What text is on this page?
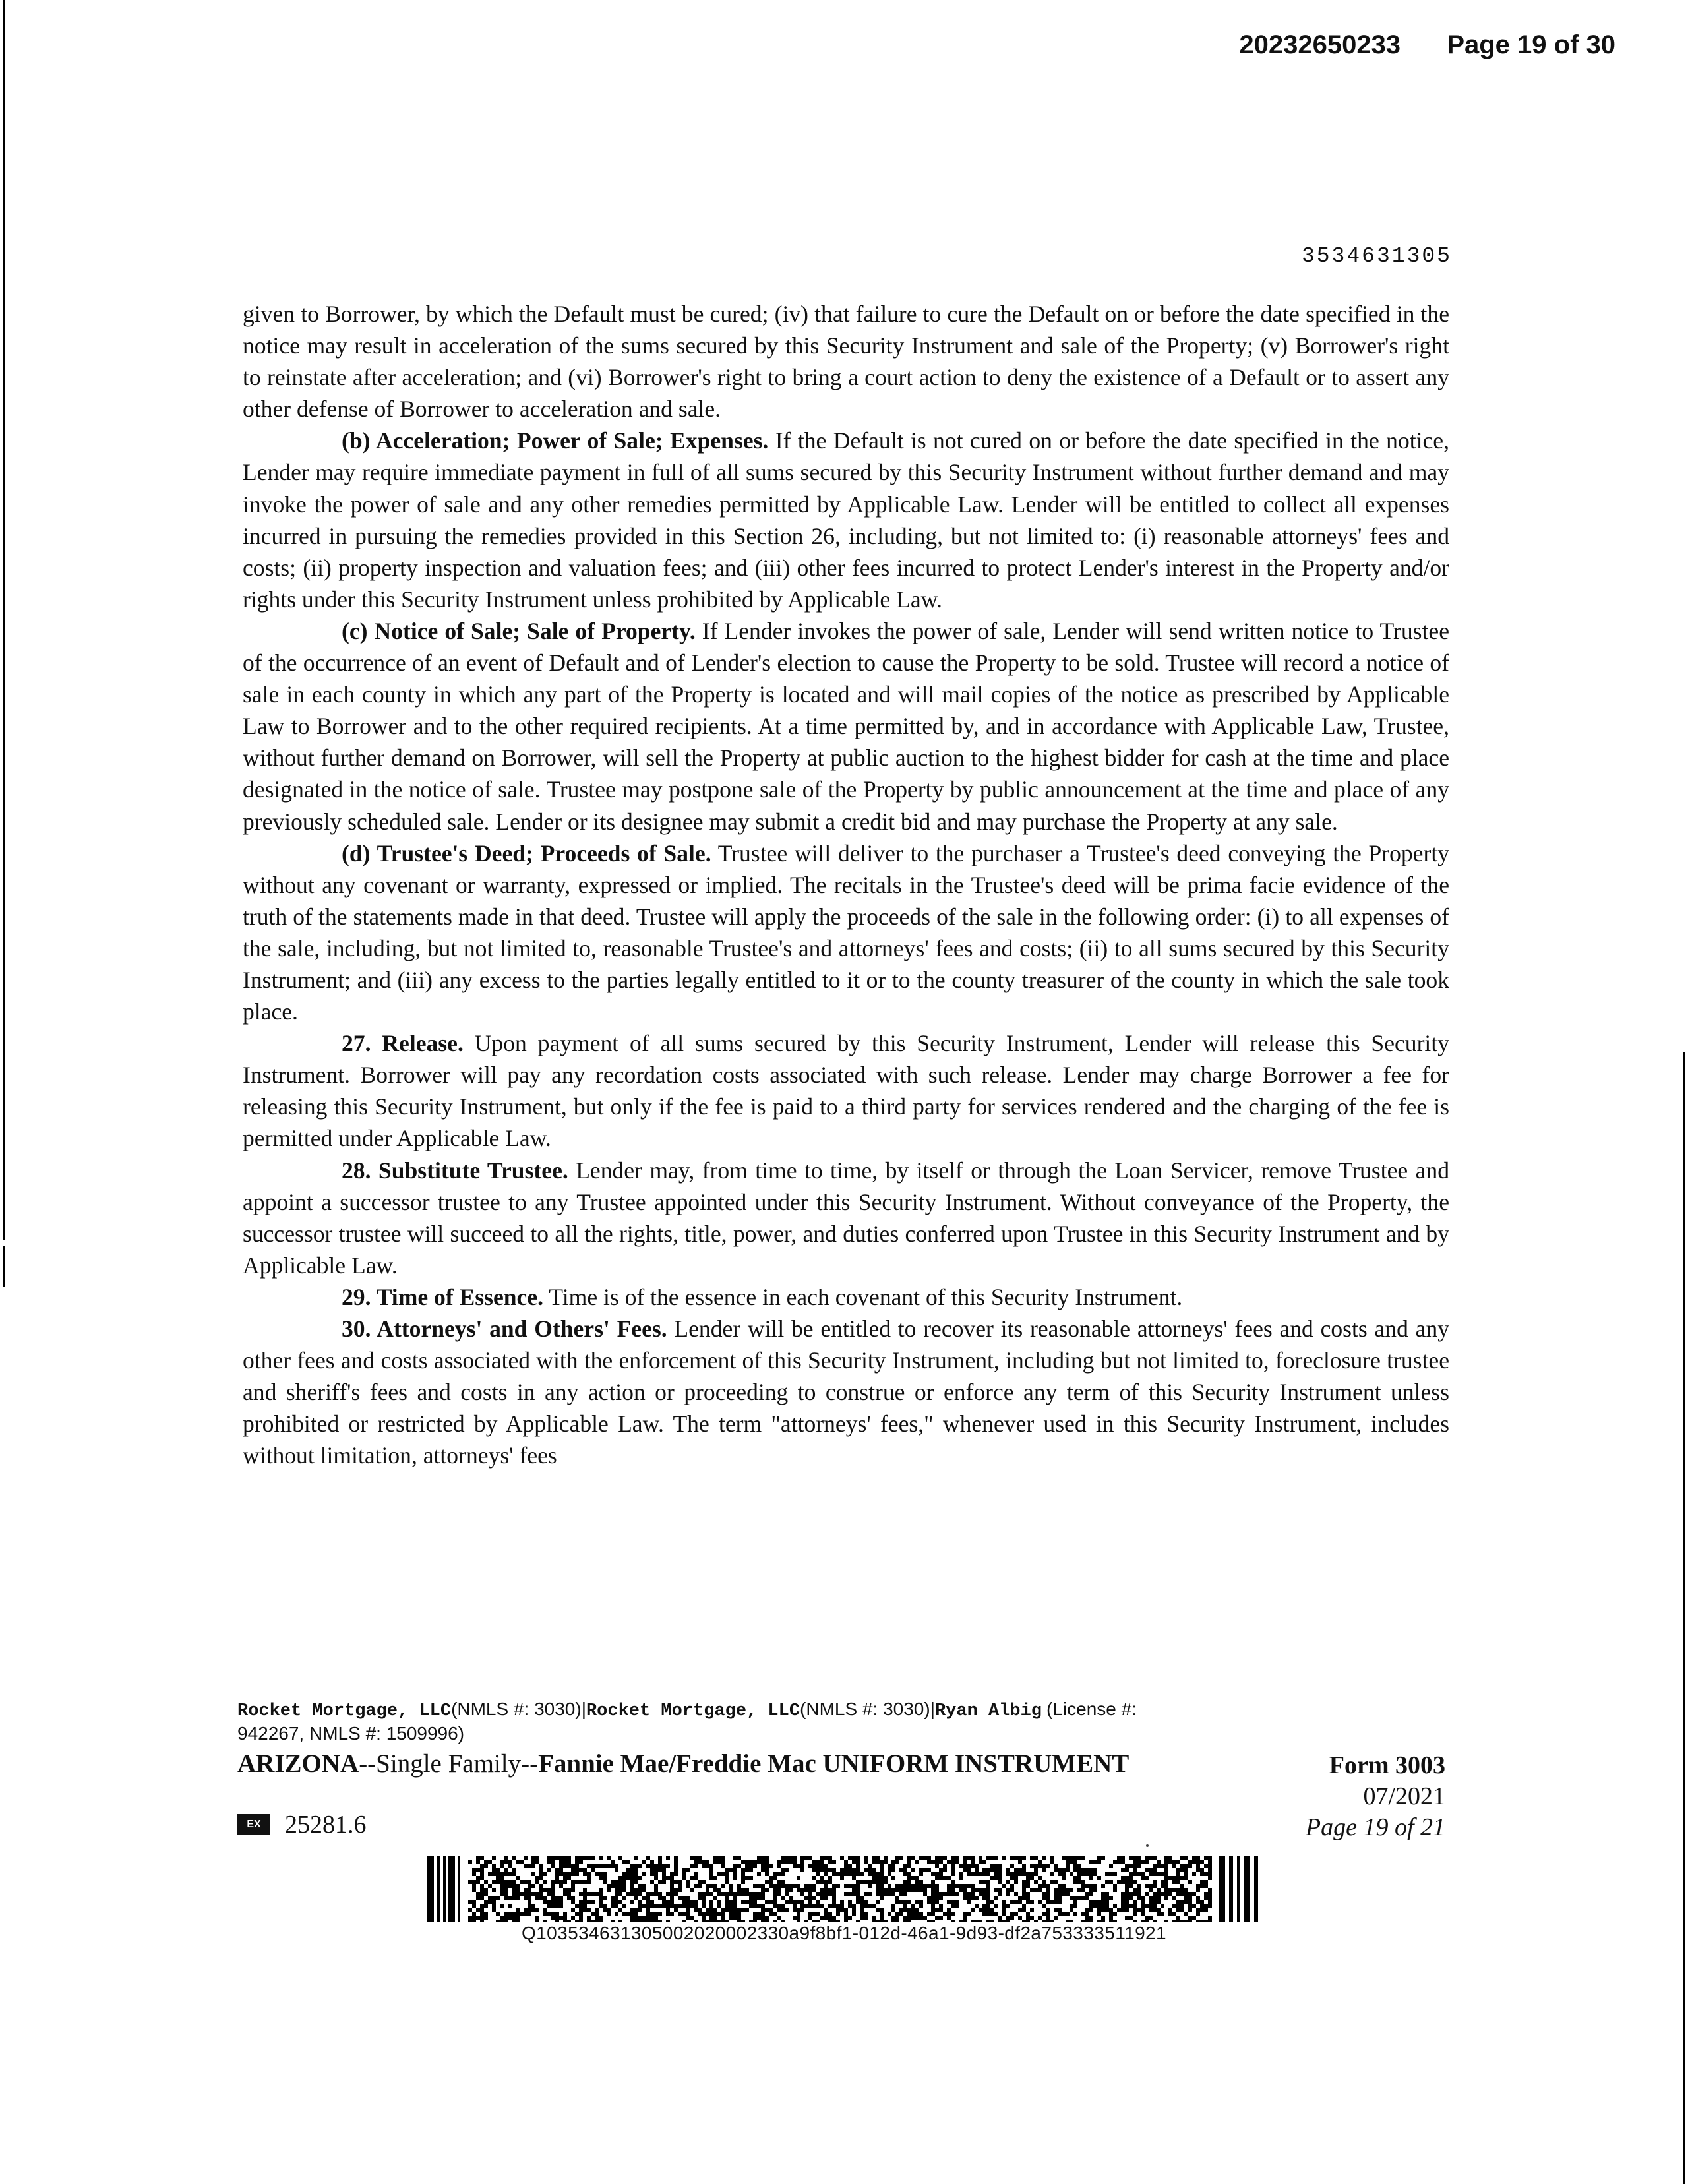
20232650233 Page 19 of 30
3534631305

given to Borrower, by which the Default must be cured; (iv) that failure to cure the Default on or before the date specified in the notice may result in acceleration of the sums secured by this Security Instrument and sale of the Property; (v) Borrower's right to reinstate after acceleration; and (vi) Borrower's right to bring a court action to deny the existence of a Default or to assert any other defense of Borrower to acceleration and sale.

(b) Acceleration; Power of Sale; Expenses. If the Default is not cured on or before the date specified in the notice, Lender may require immediate payment in full of all sums secured by this Security Instrument without further demand and may invoke the power of sale and any other remedies permitted by Applicable Law. Lender will be entitled to collect all expenses incurred in pursuing the remedies provided in this Section 26, including, but not limited to: (i) reasonable attorneys' fees and costs; (ii) property inspection and valuation fees; and (iii) other fees incurred to protect Lender's interest in the Property and/or rights under this Security Instrument unless prohibited by Applicable Law.

(c) Notice of Sale; Sale of Property. If Lender invokes the power of sale, Lender will send written notice to Trustee of the occurrence of an event of Default and of Lender's election to cause the Property to be sold. Trustee will record a notice of sale in each county in which any part of the Property is located and will mail copies of the notice as prescribed by Applicable Law to Borrower and to the other required recipients. At a time permitted by, and in accordance with Applicable Law, Trustee, without further demand on Borrower, will sell the Property at public auction to the highest bidder for cash at the time and place designated in the notice of sale. Trustee may postpone sale of the Property by public announcement at the time and place of any previously scheduled sale. Lender or its designee may submit a credit bid and may purchase the Property at any sale.

(d) Trustee's Deed; Proceeds of Sale. Trustee will deliver to the purchaser a Trustee's deed conveying the Property without any covenant or warranty, expressed or implied. The recitals in the Trustee's deed will be prima facie evidence of the truth of the statements made in that deed. Trustee will apply the proceeds of the sale in the following order: (i) to all expenses of the sale, including, but not limited to, reasonable Trustee's and attorneys' fees and costs; (ii) to all sums secured by this Security Instrument; and (iii) any excess to the parties legally entitled to it or to the county treasurer of the county in which the sale took place.

27. Release. Upon payment of all sums secured by this Security Instrument, Lender will release this Security Instrument. Borrower will pay any recordation costs associated with such release. Lender may charge Borrower a fee for releasing this Security Instrument, but only if the fee is paid to a third party for services rendered and the charging of the fee is permitted under Applicable Law.

28. Substitute Trustee. Lender may, from time to time, by itself or through the Loan Servicer, remove Trustee and appoint a successor trustee to any Trustee appointed under this Security Instrument. Without conveyance of the Property, the successor trustee will succeed to all the rights, title, power, and duties conferred upon Trustee in this Security Instrument and by Applicable Law.

29. Time of Essence. Time is of the essence in each covenant of this Security Instrument.

30. Attorneys' and Others' Fees. Lender will be entitled to recover its reasonable attorneys' fees and costs and any other fees and costs associated with the enforcement of this Security Instrument, including but not limited to, foreclosure trustee and sheriff's fees and costs in any action or proceeding to construe or enforce any term of this Security Instrument unless prohibited or restricted by Applicable Law. The term "attorneys' fees," whenever used in this Security Instrument, includes without limitation, attorneys' fees

Rocket Mortgage, LLC(NMLS #: 3030)|Rocket Mortgage, LLC(NMLS #: 3030)|Ryan Albig (License #:
942267, NMLS #: 1509996)
ARIZONA--Single Family--Fannie Mae/Freddie Mac UNIFORM INSTRUMENT	Form 3003
07/2021
Page 19 of 21
EX 25281.6
Q103534631305002020002330a9f8bf1-012d-46a1-9d93-df2a753333511921
